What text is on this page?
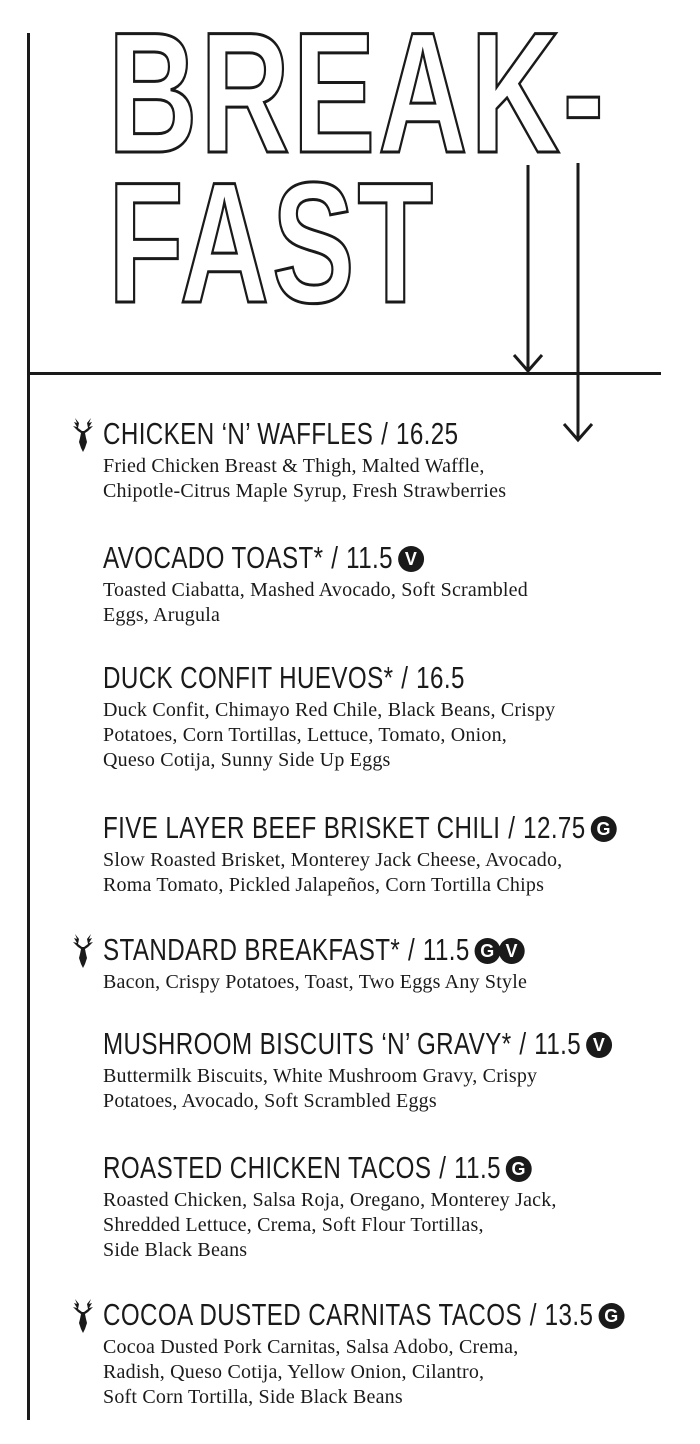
BREAK-
FAST
CHICKEN ‘N’ WAFFLES / 16.25
Fried Chicken Breast & Thigh, Malted Waffle,
Chipotle-Citrus Maple Syrup, Fresh Strawberries
AVOCADO TOAST* / 11.5 V
Toasted Ciabatta, Mashed Avocado, Soft Scrambled
Eggs, Arugula
DUCK CONFIT HUEVOS* / 16.5
Duck Confit, Chimayo Red Chile, Black Beans, Crispy
Potatoes, Corn Tortillas, Lettuce, Tomato, Onion,
Queso Cotija, Sunny Side Up Eggs
FIVE LAYER BEEF BRISKET CHILI / 12.75 G
Slow Roasted Brisket, Monterey Jack Cheese, Avocado,
Roma Tomato, Pickled Jalapeños, Corn Tortilla Chips
STANDARD BREAKFAST* / 11.5 G V
Bacon, Crispy Potatoes, Toast, Two Eggs Any Style
MUSHROOM BISCUITS ‘N’ GRAVY* / 11.5 V
Buttermilk Biscuits, White Mushroom Gravy, Crispy
Potatoes, Avocado, Soft Scrambled Eggs
ROASTED CHICKEN TACOS / 11.5 G
Roasted Chicken, Salsa Roja, Oregano, Monterey Jack,
Shredded Lettuce, Crema, Soft Flour Tortillas,
Side Black Beans
COCOA DUSTED CARNITAS TACOS / 13.5 G
Cocoa Dusted Pork Carnitas, Salsa Adobo, Crema,
Radish, Queso Cotija, Yellow Onion, Cilantro,
Soft Corn Tortilla, Side Black Beans
